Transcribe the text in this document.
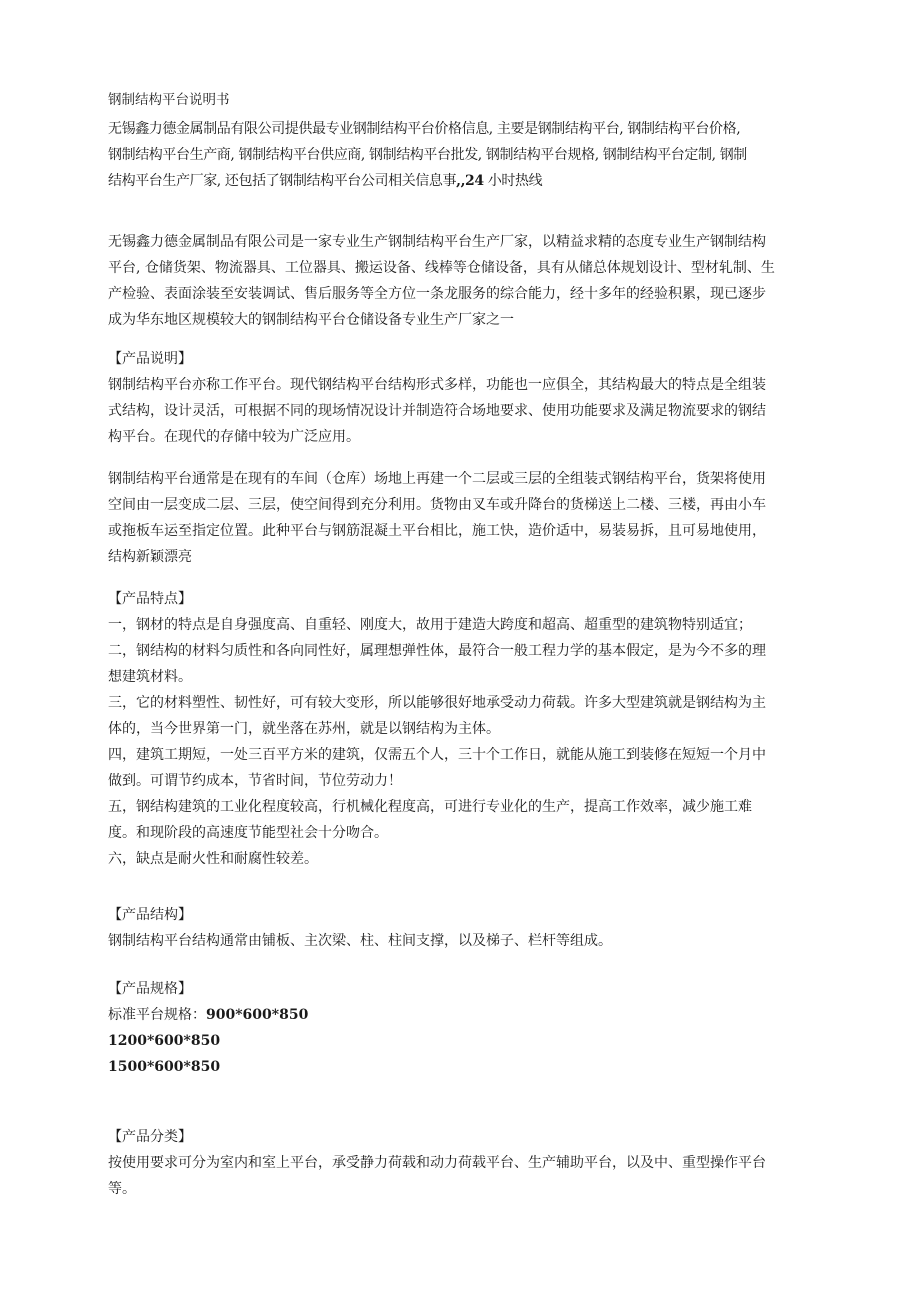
钢制结构平台说明书
无锡鑫力德金属制品有限公司提供最专业钢制结构平台价格信息, 主要是钢制结构平台, 钢制结构平台价格,
钢制结构平台生产商, 钢制结构平台供应商, 钢制结构平台批发, 钢制结构平台规格, 钢制结构平台定制, 钢制
结构平台生产厂家, 还包括了钢制结构平台公司相关信息事,,24 小时热线
无锡鑫力德金属制品有限公司是一家专业生产钢制结构平台生产厂家，以精益求精的态度专业生产钢制结构
平台, 仓储货架、物流器具、工位器具、搬运设备、线棒等仓储设备，具有从储总体规划设计、型材轧制、生
产检验、表面涂装至安装调试、售后服务等全方位一条龙服务的综合能力，经十多年的经验积累，现已逐步
成为华东地区规模较大的钢制结构平台仓储设备专业生产厂家之一
【产品说明】
钢制结构平台亦称工作平台。现代钢结构平台结构形式多样，功能也一应俱全，其结构最大的特点是全组装
式结构，设计灵活，可根据不同的现场情况设计并制造符合场地要求、使用功能要求及满足物流要求的钢结
构平台。在现代的存储中较为广泛应用。
钢制结构平台通常是在现有的车间（仓库）场地上再建一个二层或三层的全组装式钢结构平台，货架将使用
空间由一层变成二层、三层，使空间得到充分利用。货物由叉车或升降台的货梯送上二楼、三楼，再由小车
或拖板车运至指定位置。此种平台与钢筋混凝土平台相比，施工快，造价适中，易装易拆，且可易地使用，
结构新颖漂亮
【产品特点】
一，钢材的特点是自身强度高、自重轻、刚度大，故用于建造大跨度和超高、超重型的建筑物特别适宜；
二，钢结构的材料匀质性和各向同性好，属理想弹性体，最符合一般工程力学的基本假定，是为今不多的理
想建筑材料。
三，它的材料塑性、韧性好，可有较大变形，所以能够很好地承受动力荷载。许多大型建筑就是钢结构为主
体的，当今世界第一门，就坐落在苏州，就是以钢结构为主体。
四，建筑工期短，一处三百平方米的建筑，仅需五个人，三十个工作日，就能从施工到装修在短短一个月中
做到。可谓节约成本，节省时间，节位劳动力！
五，钢结构建筑的工业化程度较高，行机械化程度高，可进行专业化的生产，提高工作效率，减少施工难
度。和现阶段的高速度节能型社会十分吻合。
六，缺点是耐火性和耐腐性较差。
【产品结构】
钢制结构平台结构通常由铺板、主次梁、柱、柱间支撑，以及梯子、栏杆等组成。
【产品规格】
标准平台规格：900*600*850
1200*600*850
1500*600*850
【产品分类】
按使用要求可分为室内和室上平台，承受静力荷载和动力荷载平台、生产辅助平台，以及中、重型操作平台
等。
